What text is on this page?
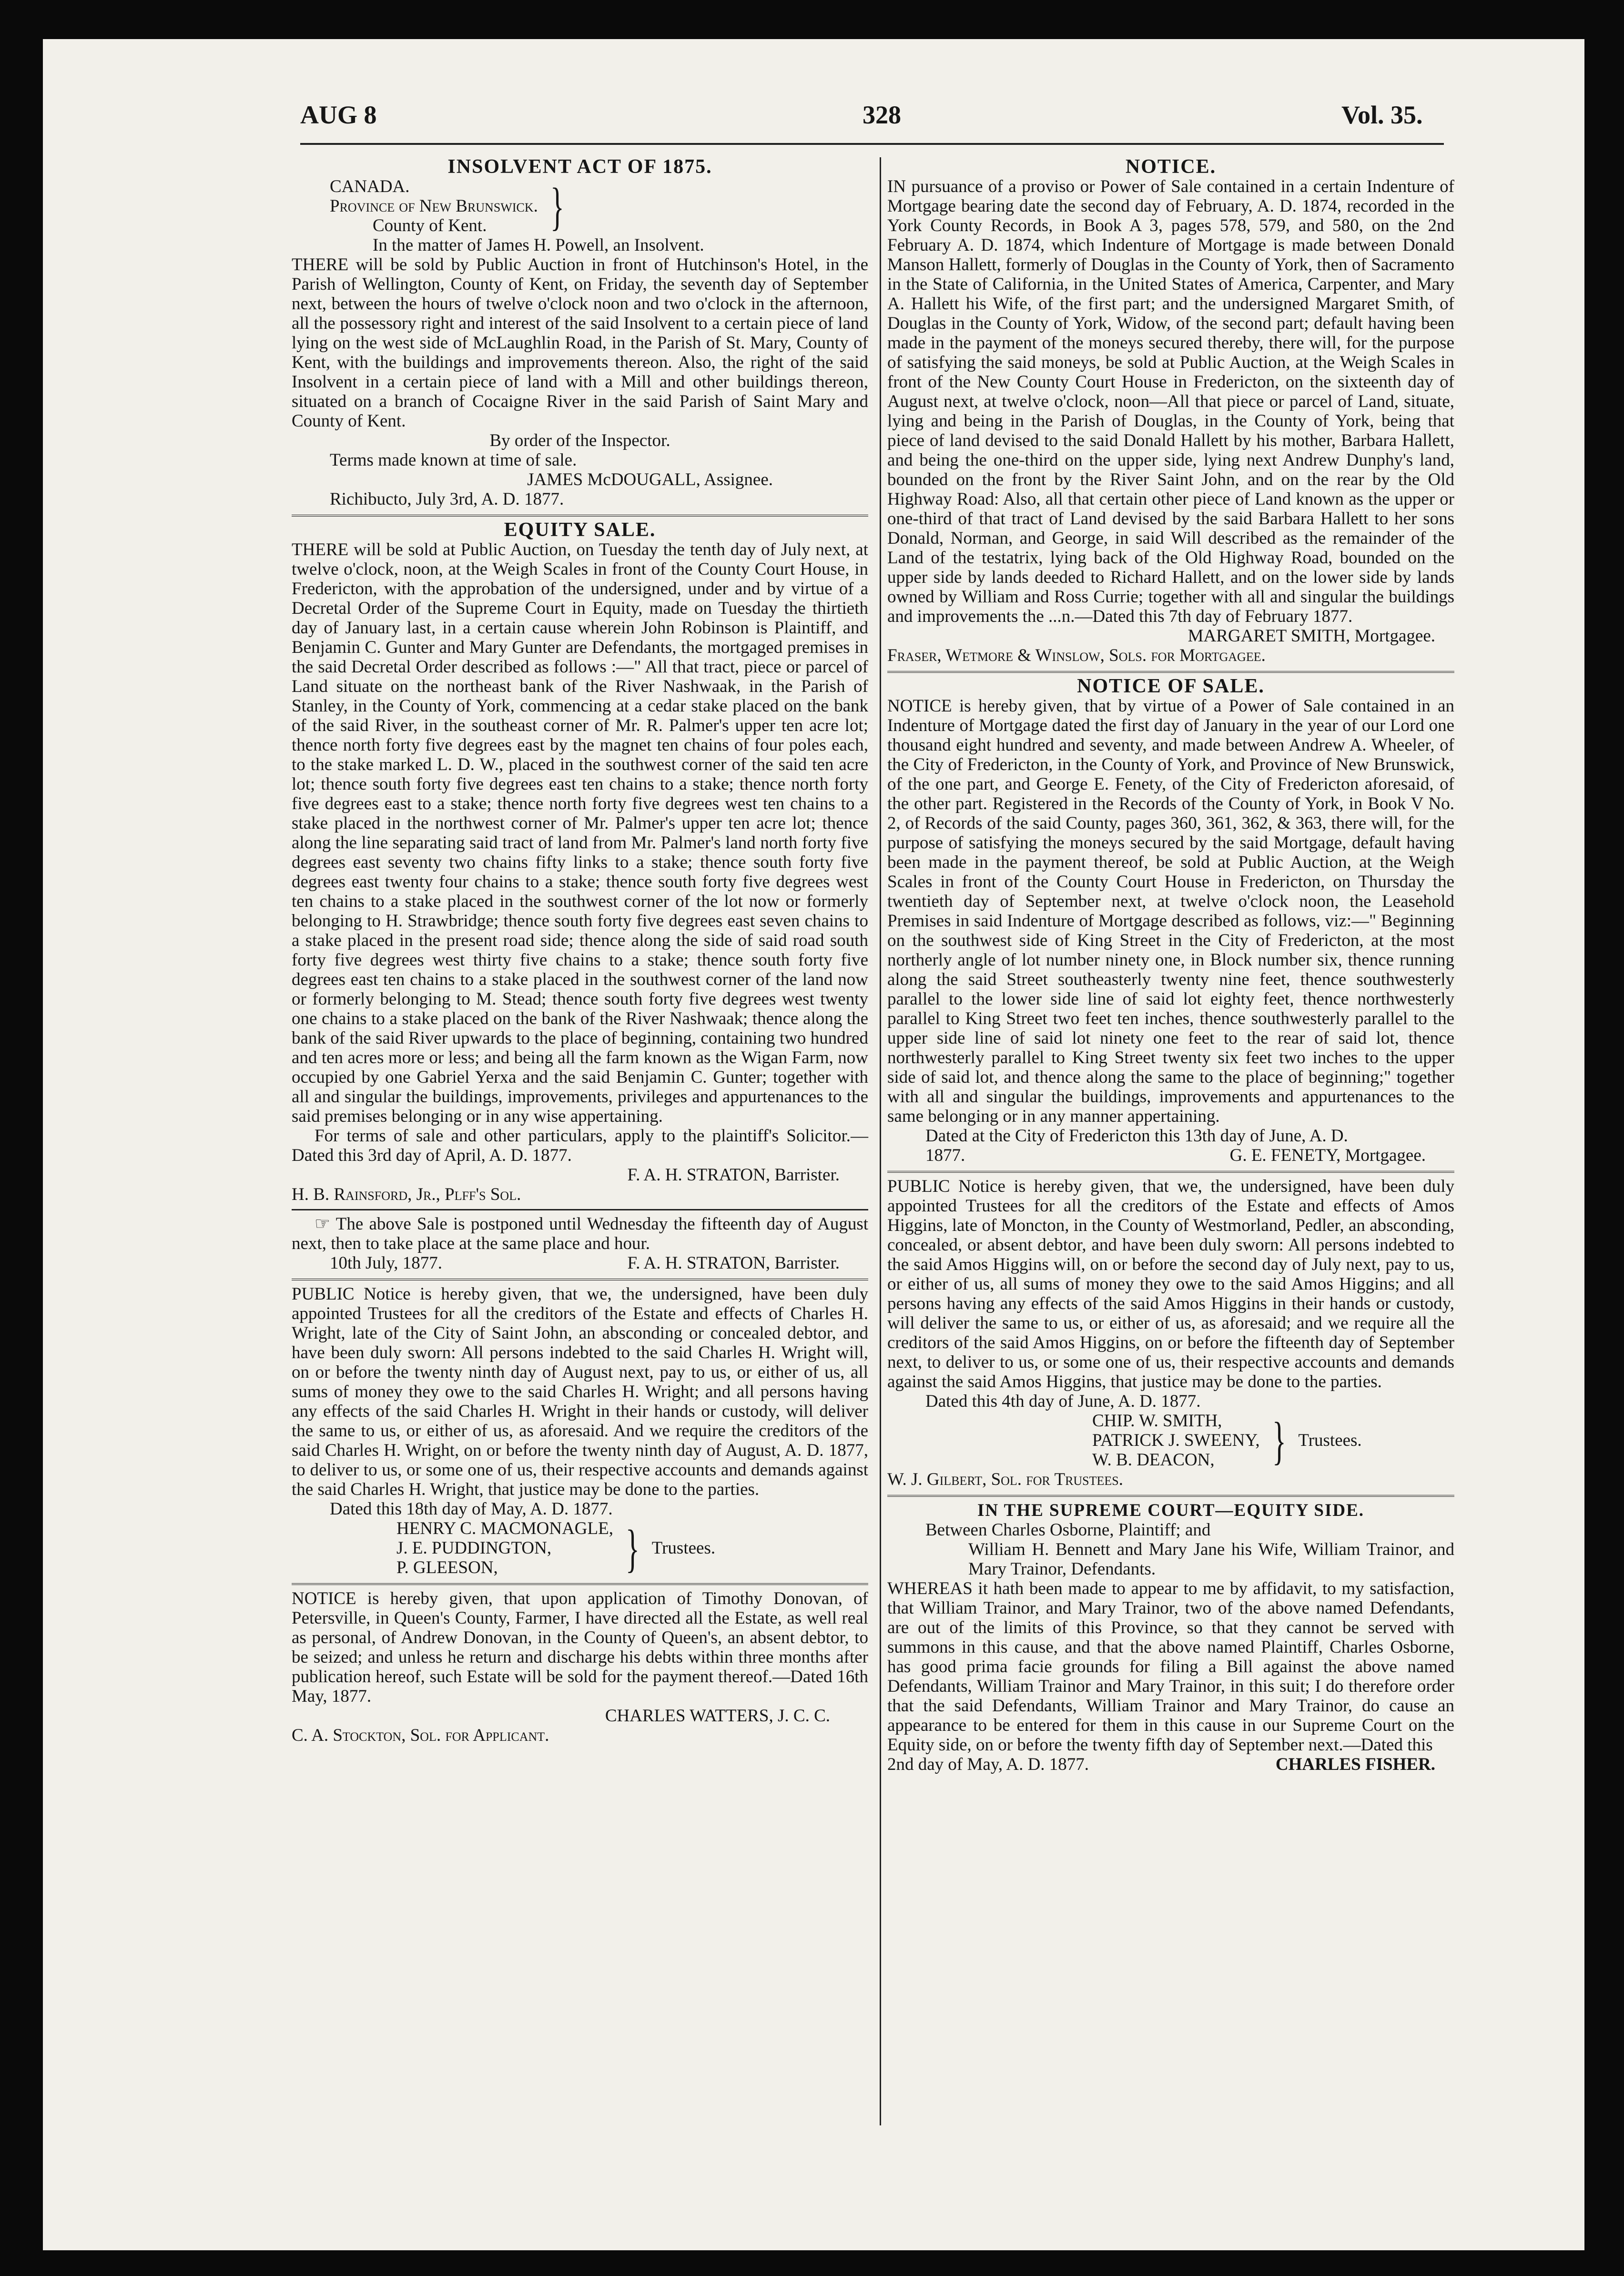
AUG 8	328	Vol. 35.

INSOLVENT ACT OF 1875.

CANADA.

Province of New Brunswick.

County of Kent.	}

In the matter of James H. Powell, an Insolvent.

THERE will be sold by Public Auction in front of Hutchinson's Hotel, in the Parish of Wellington, County of Kent, on Friday, the seventh day of September next, between the hours of twelve o'clock noon and two o'clock in the afternoon, all the possessory right and interest of the said Insolvent to a certain piece of land lying on the west side of McLaughlin Road, in the Parish of St. Mary, County of Kent, with the buildings and improvements thereon. Also, the right of the said Insolvent in a certain piece of land with a Mill and other buildings thereon, situated on a branch of Cocaigne River in the said Parish of Saint Mary and County of Kent.

By order of the Inspector.

Terms made known at time of sale.

JAMES McDOUGALL, Assignee.

Richibucto, July 3rd, A. D. 1877.

EQUITY SALE.

THERE will be sold at Public Auction, on Tuesday the tenth day of July next, at twelve o'clock, noon, at the Weigh Scales in front of the County Court House, in Fredericton, with the approbation of the undersigned, under and by virtue of a Decretal Order of the Supreme Court in Equity, made on Tuesday the thirtieth day of January last, in a certain cause wherein John Robinson is Plaintiff, and Benjamin C. Gunter and Mary Gunter are Defendants, the mortgaged premises in the said Decretal Order described as follows :—" All that tract, piece or parcel of Land situate on the northeast bank of the River Nashwaak, in the Parish of Stanley, in the County of York, commencing at a cedar stake placed on the bank of the said River, in the southeast corner of Mr. R. Palmer's upper ten acre lot; thence north forty five degrees east by the magnet ten chains of four poles each, to the stake marked L. D. W., placed in the southwest corner of the said ten acre lot; thence south forty five degrees east ten chains to a stake; thence north forty five degrees east to a stake; thence north forty five degrees west ten chains to a stake placed in the northwest corner of Mr. Palmer's upper ten acre lot; thence along the line separating said tract of land from Mr. Palmer's land north forty five degrees east seventy two chains fifty links to a stake; thence south forty five degrees east twenty four chains to a stake; thence south forty five degrees west ten chains to a stake placed in the southwest corner of the lot now or formerly belonging to H. Strawbridge; thence south forty five degrees east seven chains to a stake placed in the present road side; thence along the side of said road south forty five degrees west thirty five chains to a stake; thence south forty five degrees east ten chains to a stake placed in the southwest corner of the land now or formerly belonging to M. Stead; thence south forty five degrees west twenty one chains to a stake placed on the bank of the River Nashwaak; thence along the bank of the said River upwards to the place of beginning, containing two hundred and ten acres more or less; and being all the farm known as the Wigan Farm, now occupied by one Gabriel Yerxa and the said Benjamin C. Gunter; together with all and singular the buildings, improvements, privileges and appurtenances to the said premises belonging or in any wise appertaining.

For terms of sale and other particulars, apply to the plaintiff's Solicitor.—Dated this 3rd day of April, A. D. 1877.

F. A. H. STRATON, Barrister.

H. B. Rainsford, Jr., Plff's Sol.

☞ The above Sale is postponed until Wednesday the fifteenth day of August next, then to take place at the same place and hour.

10th July, 1877.	F. A. H. STRATON, Barrister.

PUBLIC Notice is hereby given, that we, the undersigned, have been duly appointed Trustees for all the creditors of the Estate and effects of Charles H. Wright, late of the City of Saint John, an absconding or concealed debtor, and have been duly sworn: All persons indebted to the said Charles H. Wright will, on or before the twenty ninth day of August next, pay to us, or either of us, all sums of money they owe to the said Charles H. Wright; and all persons having any effects of the said Charles H. Wright in their hands or custody, will deliver the same to us, or either of us, as aforesaid. And we require the creditors of the said Charles H. Wright, on or before the twenty ninth day of August, A. D. 1877, to deliver to us, or some one of us, their respective accounts and demands against the said Charles H. Wright, that justice may be done to the parties.

Dated this 18th day of May, A. D. 1877.

HENRY C. MACMONAGLE,

J. E. PUDDINGTON,

P. GLEESON,	} Trustees.

NOTICE is hereby given, that upon application of Timothy Donovan, of Petersville, in Queen's County, Farmer, I have directed all the Estate, as well real as personal, of Andrew Donovan, in the County of Queen's, an absent debtor, to be seized; and unless he return and discharge his debts within three months after publication hereof, such Estate will be sold for the payment thereof.—Dated 16th May, 1877.

CHARLES WATTERS, J. C. C.

C. A. Stockton, Sol. for Applicant.

NOTICE.

IN pursuance of a proviso or Power of Sale contained in a certain Indenture of Mortgage bearing date the second day of February, A. D. 1874, recorded in the York County Records, in Book A 3, pages 578, 579, and 580, on the 2nd February A. D. 1874, which Indenture of Mortgage is made between Donald Manson Hallett, formerly of Douglas in the County of York, then of Sacramento in the State of California, in the United States of America, Carpenter, and Mary A. Hallett his Wife, of the first part; and the undersigned Margaret Smith, of Douglas in the County of York, Widow, of the second part; default having been made in the payment of the moneys secured thereby, there will, for the purpose of satisfying the said moneys, be sold at Public Auction, at the Weigh Scales in front of the New County Court House in Fredericton, on the sixteenth day of August next, at twelve o'clock, noon—All that piece or parcel of Land, situate, lying and being in the Parish of Douglas, in the County of York, being that piece of land devised to the said Donald Hallett by his mother, Barbara Hallett, and being the one-third on the upper side, lying next Andrew Dunphy's land, bounded on the front by the River Saint John, and on the rear by the Old Highway Road: Also, all that certain other piece of Land known as the upper or one-third of that tract of Land devised by the said Barbara Hallett to her sons Donald, Norman, and George, in said Will described as the remainder of the Land of the testatrix, lying back of the Old Highway Road, bounded on the upper side by lands deeded to Richard Hallett, and on the lower side by lands owned by William and Ross Currie; together with all and singular the buildings and improvements the ...n.—Dated this 7th day of February 1877.

MARGARET SMITH, Mortgagee.

Fraser, Wetmore & Winslow, Sols. for Mortgagee.

NOTICE OF SALE.

NOTICE is hereby given, that by virtue of a Power of Sale contained in an Indenture of Mortgage dated the first day of January in the year of our Lord one thousand eight hundred and seventy, and made between Andrew A. Wheeler, of the City of Fredericton, in the County of York, and Province of New Brunswick, of the one part, and George E. Fenety, of the City of Fredericton aforesaid, of the other part. Registered in the Records of the County of York, in Book V No. 2, of Records of the said County, pages 360, 361, 362, & 363, there will, for the purpose of satisfying the moneys secured by the said Mortgage, default having been made in the payment thereof, be sold at Public Auction, at the Weigh Scales in front of the County Court House in Fredericton, on Thursday the twentieth day of September next, at twelve o'clock noon, the Leasehold Premises in said Indenture of Mortgage described as follows, viz:—" Beginning on the southwest side of King Street in the City of Fredericton, at the most northerly angle of lot number ninety one, in Block number six, thence running along the said Street southeasterly twenty nine feet, thence southwesterly parallel to the lower side line of said lot eighty feet, thence northwesterly parallel to King Street two feet ten inches, thence southwesterly parallel to the upper side line of said lot ninety one feet to the rear of said lot, thence northwesterly parallel to King Street twenty six feet two inches to the upper side of said lot, and thence along the same to the place of beginning;" together with all and singular the buildings, improvements and appurtenances to the same belonging or in any manner appertaining.

Dated at the City of Fredericton this 13th day of June, A. D.

1877.	G. E. FENETY, Mortgagee.

PUBLIC Notice is hereby given, that we, the undersigned, have been duly appointed Trustees for all the creditors of the Estate and effects of Amos Higgins, late of Moncton, in the County of Westmorland, Pedler, an absconding, concealed, or absent debtor, and have been duly sworn: All persons indebted to the said Amos Higgins will, on or before the second day of July next, pay to us, or either of us, all sums of money they owe to the said Amos Higgins; and all persons having any effects of the said Amos Higgins in their hands or custody, will deliver the same to us, or either of us, as aforesaid; and we require all the creditors of the said Amos Higgins, on or before the fifteenth day of September next, to deliver to us, or some one of us, their respective accounts and demands against the said Amos Higgins, that justice may be done to the parties.

Dated this 4th day of June, A. D. 1877.

CHIP. W. SMITH,

PATRICK J. SWEENY,

W. B. DEACON,	} Trustees.

W. J. Gilbert, Sol. for Trustees.

IN THE SUPREME COURT—EQUITY SIDE.

Between Charles Osborne, Plaintiff; and

William H. Bennett and Mary Jane his Wife, William Trainor, and Mary Trainor, Defendants.

WHEREAS it hath been made to appear to me by affidavit, to my satisfaction, that William Trainor, and Mary Trainor, two of the above named Defendants, are out of the limits of this Province, so that they cannot be served with summons in this cause, and that the above named Plaintiff, Charles Osborne, has good prima facie grounds for filing a Bill against the above named Defendants, William Trainor and Mary Trainor, in this suit; I do therefore order that the said Defendants, William Trainor and Mary Trainor, do cause an appearance to be entered for them in this cause in our Supreme Court on the Equity side, on or before the twenty fifth day of September next.—Dated this

2nd day of May, A. D. 1877.	CHARLES FISHER.
